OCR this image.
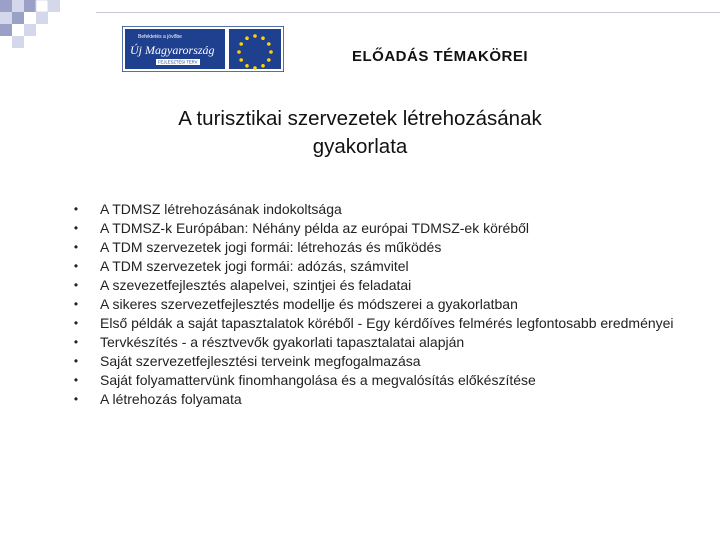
Befektetés a jövőbe
Új Magyarország
FEJLESZTÉSI TERV	ELŐADÁS TÉMAKÖREI
A turisztikai szervezetek létrehozásának
gyakorlata
• A TDMSZ létrehozásának indokoltsága
• A TDMSZ-k Európában: Néhány példa az európai TDMSZ-ek köréből
• A TDM szervezetek jogi formái: létrehozás és működés
• A TDM szervezetek jogi formái: adózás, számvitel
• A szevezetfejlesztés alapelvei, szintjei és feladatai
• A sikeres szervezetfejlesztés modellje és módszerei a gyakorlatban
• Első példák a saját tapasztalatok köréből - Egy kérdőíves felmérés legfontosabb eredményei
• Tervkészítés - a résztvevők gyakorlati tapasztalatai alapján
• Saját szervezetfejlesztési terveink megfogalmazása
• Saját folyamattervünk finomhangolása és a megvalósítás előkészítése
• A létrehozás folyamata
